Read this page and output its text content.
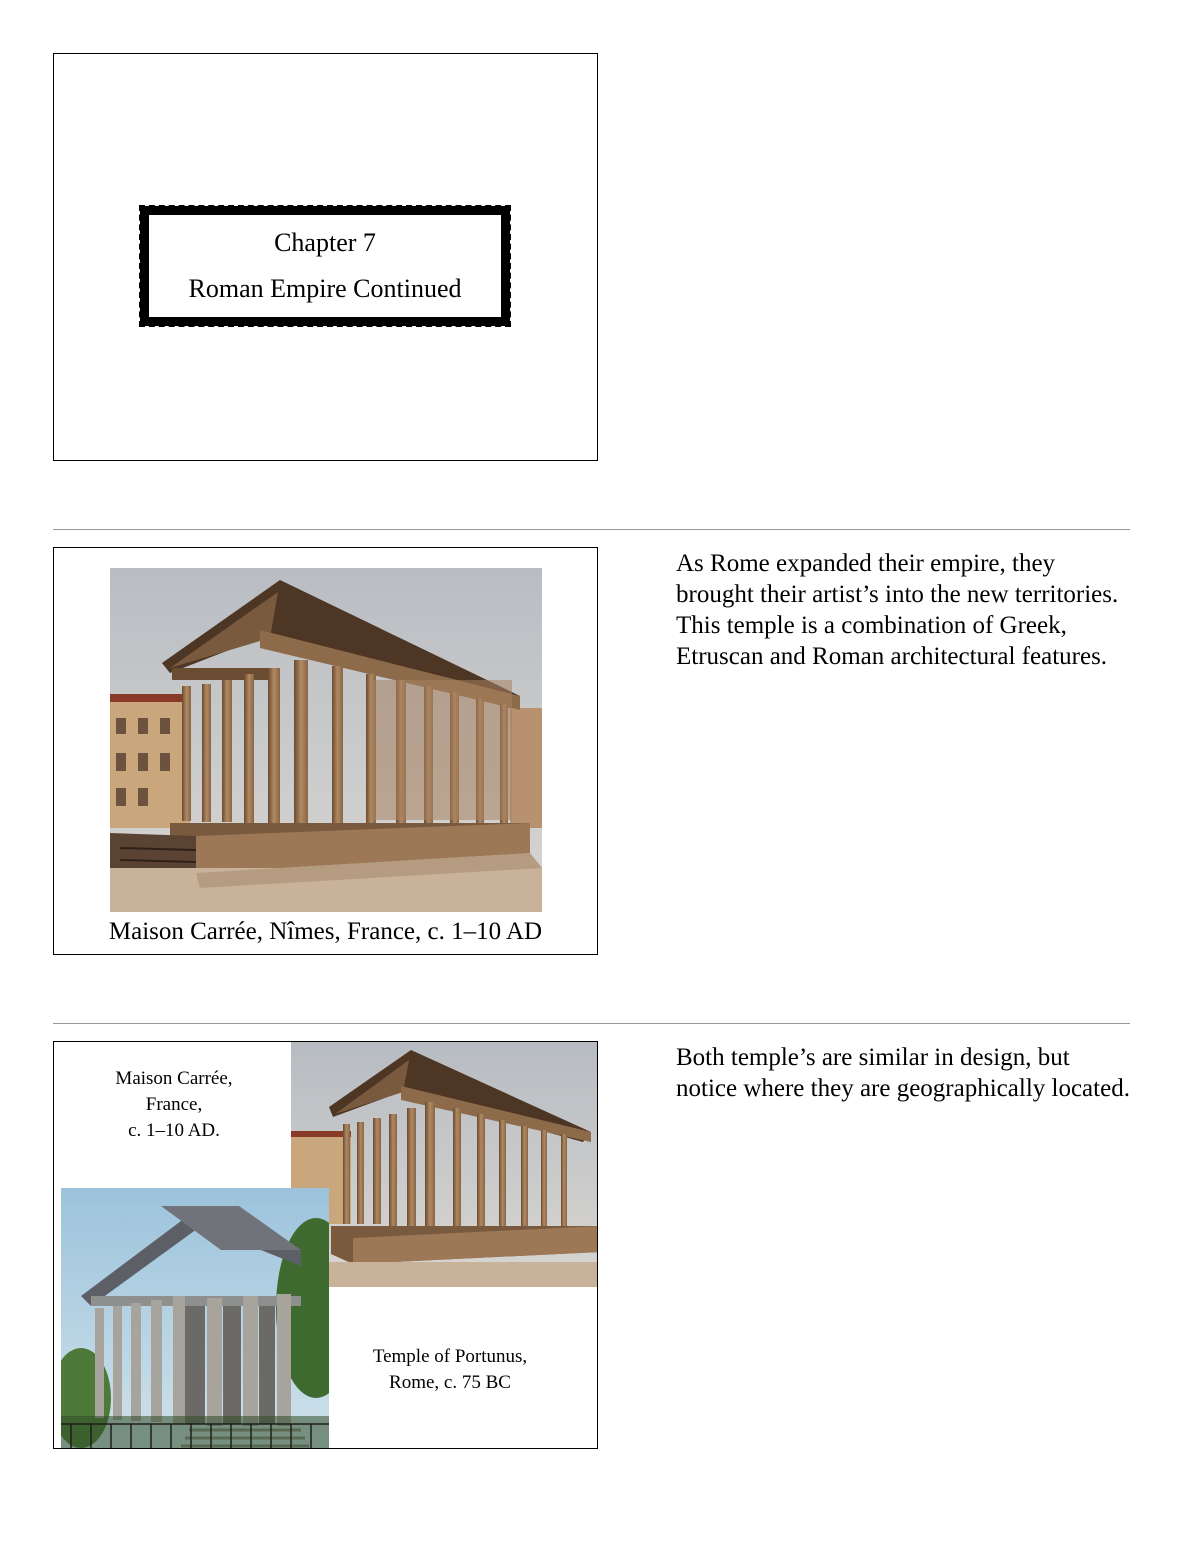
Chapter 7
Roman Empire Continued
Maison Carrée, Nîmes, France, c. 1–10 AD
As Rome expanded their empire, they brought their artist’s into the new territories. This temple is a combination of Greek, Etruscan and Roman architectural features.
Maison Carrée,
France,
c. 1–10 AD.
Temple of Portunus,
Rome, c. 75 BC
Both temple’s are similar in design, but notice where they are geographically located.
